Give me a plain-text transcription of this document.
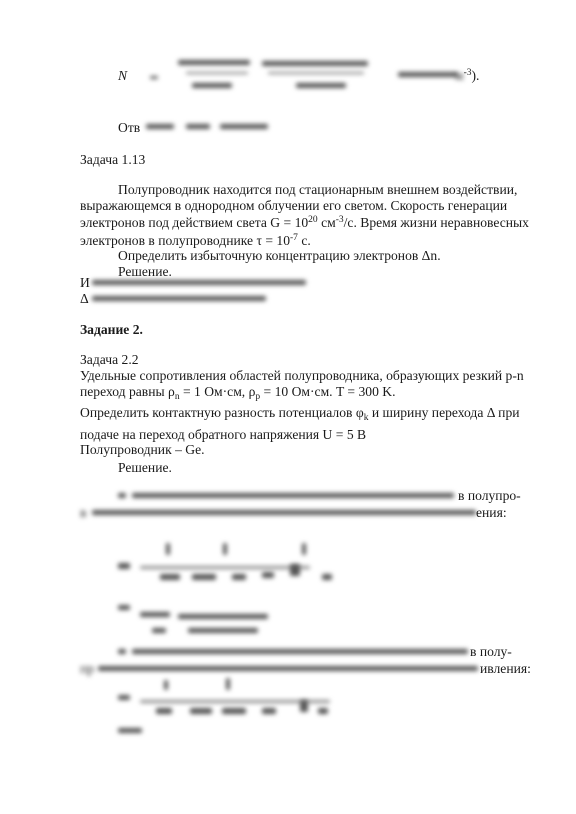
N	$м^{-3}$).
Отв
Задача 1.13
Полупроводник находится под стационарным внешнем воздействии,
выражающемся в однородном облучении его светом. Скорость генерации
электронов под действием света $G = 10^{20}$ $см^{-3}/с$. Время жизни неравновесных
электронов в полупроводнике $\tau = 10^{-7}$ с.
Определить избыточную концентрацию электронов Δn.
Решение.
И
Δ
Задание 2.
Задача 2.2
Удельные сопротивления областей полупроводника, образующих резкий p-n
переход равны $\rho_n = 1$ Ом·см, $\rho_p = 10$ Ом·см. T = 300 K.
Определить контактную разность потенциалов $\varphi_k$ и ширину перехода Δ при
подаче на переход обратного напряжения U = 5 B
Полупроводник – Ge.
Решение.
в полупро-
в	ения:
в полу-
пр	ивления:
